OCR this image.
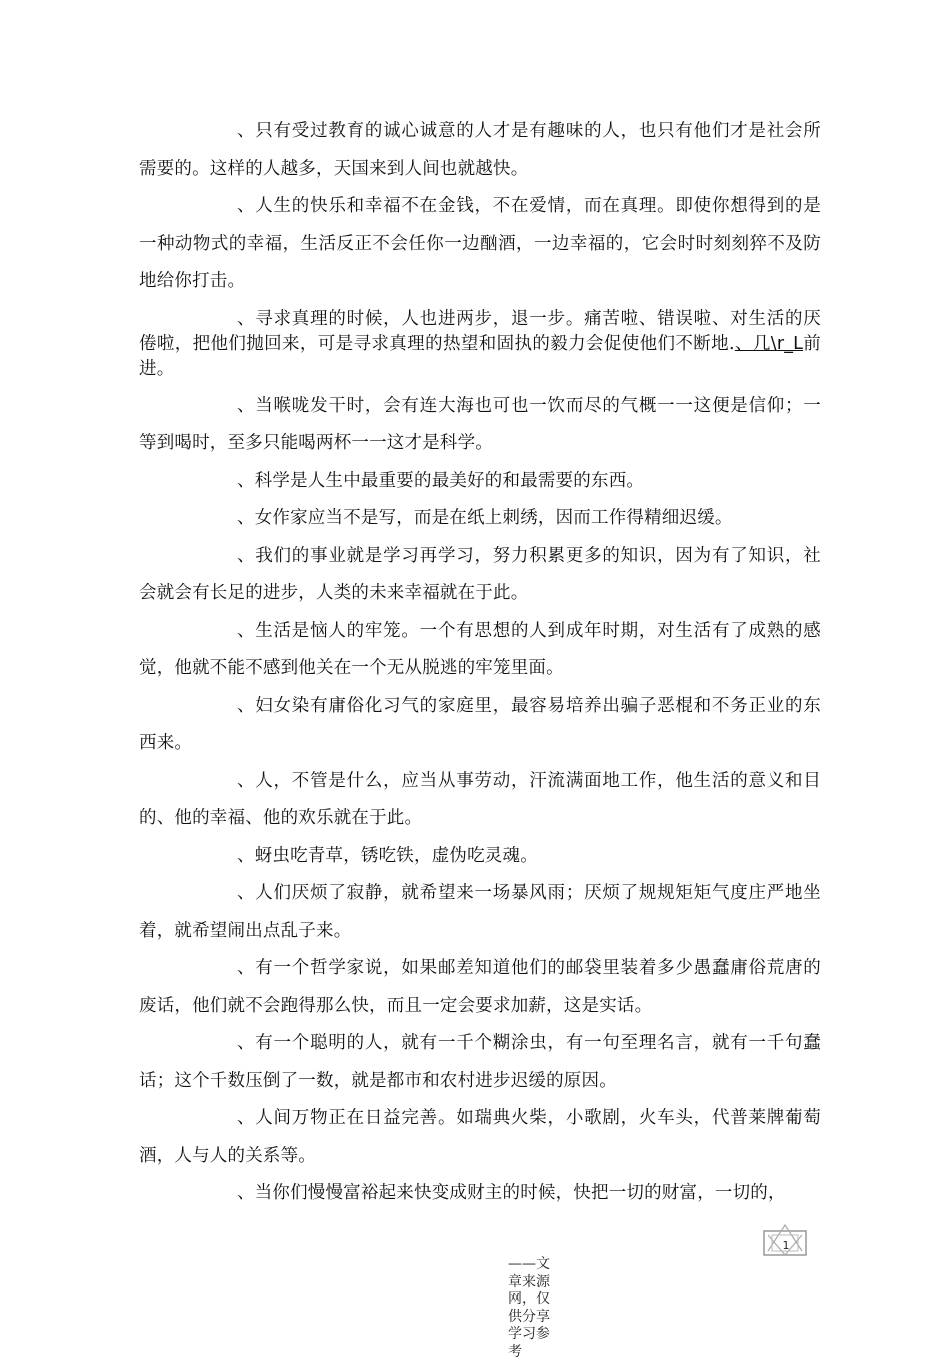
、只有受过教育的诚心诚意的人才是有趣味的人，也只有他们才是社会所需要的。这样的人越多，天国来到人间也就越快。

、人生的快乐和幸福不在金钱，不在爱情，而在真理。即使你想得到的是一种动物式的幸福，生活反正不会任你一边酗酒，一边幸福的，它会时时刻刻猝不及防地给你打击。

、寻求真理的时候，人也进两步，退一步。痛苦啦、错误啦、对生活的厌倦啦，把他们抛回来，可是寻求真理的热望和固执的毅力会促使他们不断地.、几\r_L前进。

、当喉咙发干时，会有连大海也可也一饮而尽的气概一一这便是信仰；一等到喝时，至多只能喝两杯一一这才是科学。

、科学是人生中最重要的最美好的和最需要的东西。

、女作家应当不是写，而是在纸上刺绣，因而工作得精细迟缓。

、我们的事业就是学习再学习，努力积累更多的知识，因为有了知识，社会就会有长足的进步，人类的未来幸福就在于此。

、生活是恼人的牢笼。一个有思想的人到成年时期，对生活有了成熟的感觉，他就不能不感到他关在一个无从脱逃的牢笼里面。

、妇女染有庸俗化习气的家庭里，最容易培养出骗子恶棍和不务正业的东西来。

、人，不管是什么，应当从事劳动，汗流满面地工作，他生活的意义和目的、他的幸福、他的欢乐就在于此。

、蚜虫吃青草，锈吃铁，虚伪吃灵魂。

、人们厌烦了寂静，就希望来一场暴风雨；厌烦了规规矩矩气度庄严地坐着，就希望闹出点乱子来。

、有一个哲学家说，如果邮差知道他们的邮袋里装着多少愚蠢庸俗荒唐的废话，他们就不会跑得那么快，而且一定会要求加薪，这是实话。

、有一个聪明的人，就有一千个糊涂虫，有一句至理名言，就有一千句蠢话；这个千数压倒了一数，就是都市和农村进步迟缓的原因。

、人间万物正在日益完善。如瑞典火柴，小歌剧，火车头，代普莱牌葡萄酒，人与人的关系等。

、当你们慢慢富裕起来快变成财主的时候，快把一切的财富，一切的，

1
——文章来源网，仅供分享学习参考
